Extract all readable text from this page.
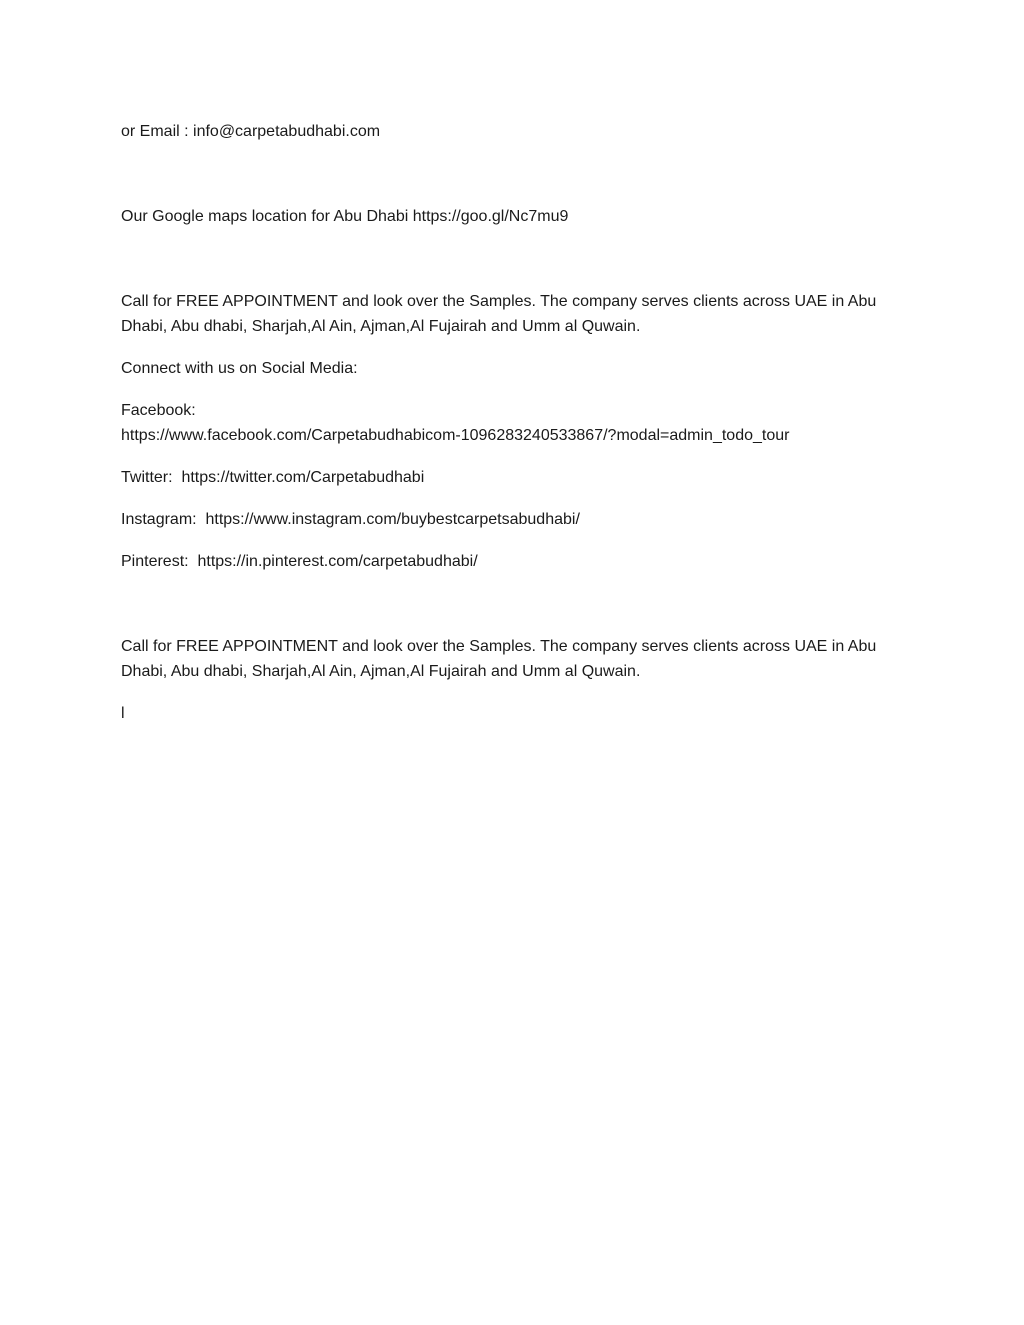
or Email : info@carpetabudhabi.com

Our Google maps location for Abu Dhabi https://goo.gl/Nc7mu9

Call for FREE APPOINTMENT and look over the Samples. The company serves clients across UAE in Abu Dhabi, Abu dhabi, Sharjah,Al Ain, Ajman,Al Fujairah and Umm al Quwain.

Connect with us on Social Media:

Facebook:

https://www.facebook.com/Carpetabudhabicom-1096283240533867/?modal=admin_todo_tour

Twitter:  https://twitter.com/Carpetabudhabi

Instagram:  https://www.instagram.com/buybestcarpetsabudhabi/

Pinterest:  https://in.pinterest.com/carpetabudhabi/

Call for FREE APPOINTMENT and look over the Samples. The company serves clients across UAE in Abu Dhabi, Abu dhabi, Sharjah,Al Ain, Ajman,Al Fujairah and Umm al Quwain.

l
